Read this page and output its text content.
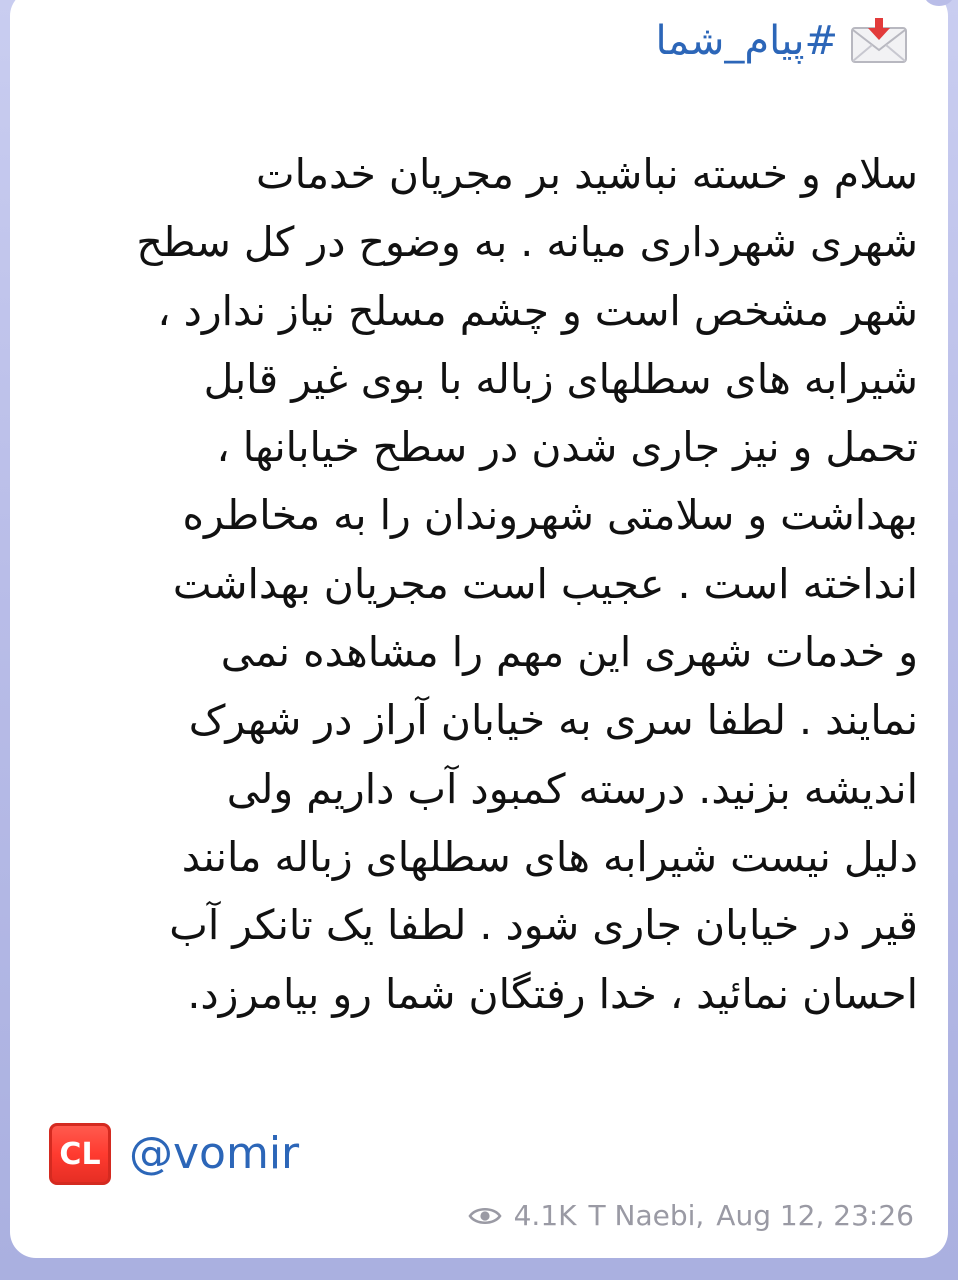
#پیام_شما
سلام و خسته نباشید بر مجریان خدمات
شهری شهرداری میانه . به وضوح در کل سطح
شهر مشخص است و چشم مسلح نیاز ندارد ،
شیرابه های سطلهای زباله با بوی غیر قابل
تحمل و نیز جاری شدن در سطح خیابانها ،
بهداشت و سلامتی شهروندان را به مخاطره
انداخته است . عجیب است مجریان بهداشت
و خدمات شهری این مهم را مشاهده نمی
نمایند . لطفا سری به خیابان آراز در شهرک
اندیشه بزنید. درسته کمبود آب داریم ولی
دلیل نیست شیرابه های سطلهای زباله مانند
قیر در خیابان جاری شود . لطفا یک تانکر آب
احسان نمائید ، خدا رفتگان شما رو بیامرزد.
CL @vomir
4.1K T Naebi, Aug 12, 23:26
